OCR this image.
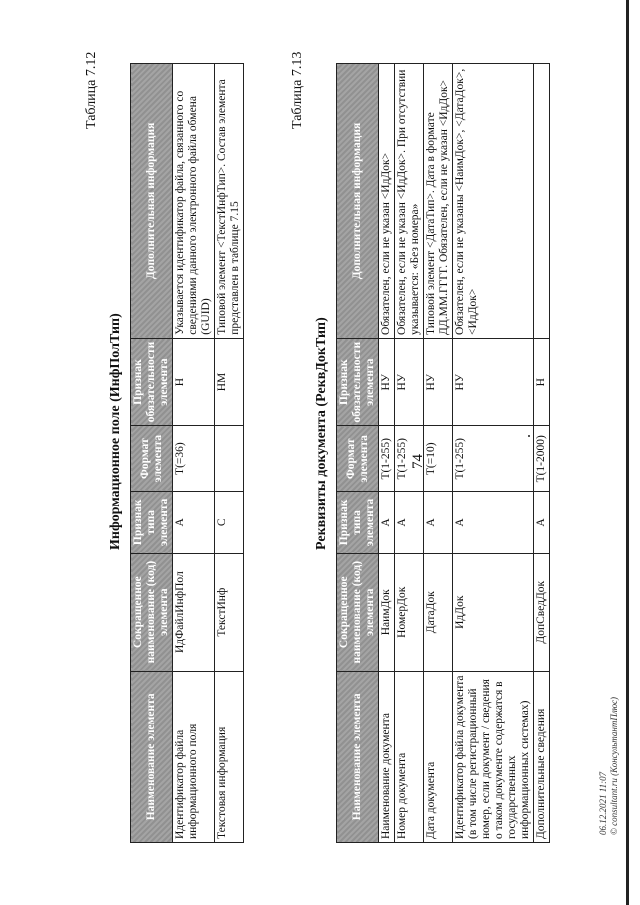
74
Таблица 7.12
Информационное поле (ИнфПолТип)
Наименование элемента	Сокращенное наименование (код) элемента	Признак типа элемента	Формат элемента	Признак обязательности элемента	Дополнительная информация
Идентификатор файла информационного поля	ИдФайлИнфПол	А	T(=36)	Н	Указывается идентификатор файла, связанного со сведениями данного электронного файла обмена (GUID)
Текстовая информация	ТекстИнф	С		НМ	Типовой элемент <ТекстИнфТип>. Состав элемента представлен в таблице 7.15
Таблица 7.13
Реквизиты документа (РеквДокТип)
Наименование элемента	Сокращенное наименование (код) элемента	Признак типа элемента	Формат элемента	Признак обязательности элемента	Дополнительная информация
Наименование документа	НаимДок	А	T(1-255)	НУ	Обязателен, если не указан <ИдДок>
Номер документа	НомерДок	А	T(1-255)	НУ	Обязателен, если не указан <ИдДок>. При отсутствии указывается: «Без номера»
Дата документа	ДатаДок	А	T(=10)	НУ	Типовой элемент <ДатаТип>. Дата в формате ДД.ММ.ГГГГ. Обязателен, если не указан <ИдДок>
Идентификатор файла документа (в том числе регистрационный номер, если документ / сведения о таком документе содержатся в государственных информационных системах)	ИдДок	А	T(1-255)	НУ	Обязателен, если не указаны <НаимДок>, <ДатаДок>, <ИдДок>
Дополнительные сведения	ДопСведДок	А	T(1-2000)	Н	
06.12.2021 11:07 © consultant.ru (КонсультантПлюс)
